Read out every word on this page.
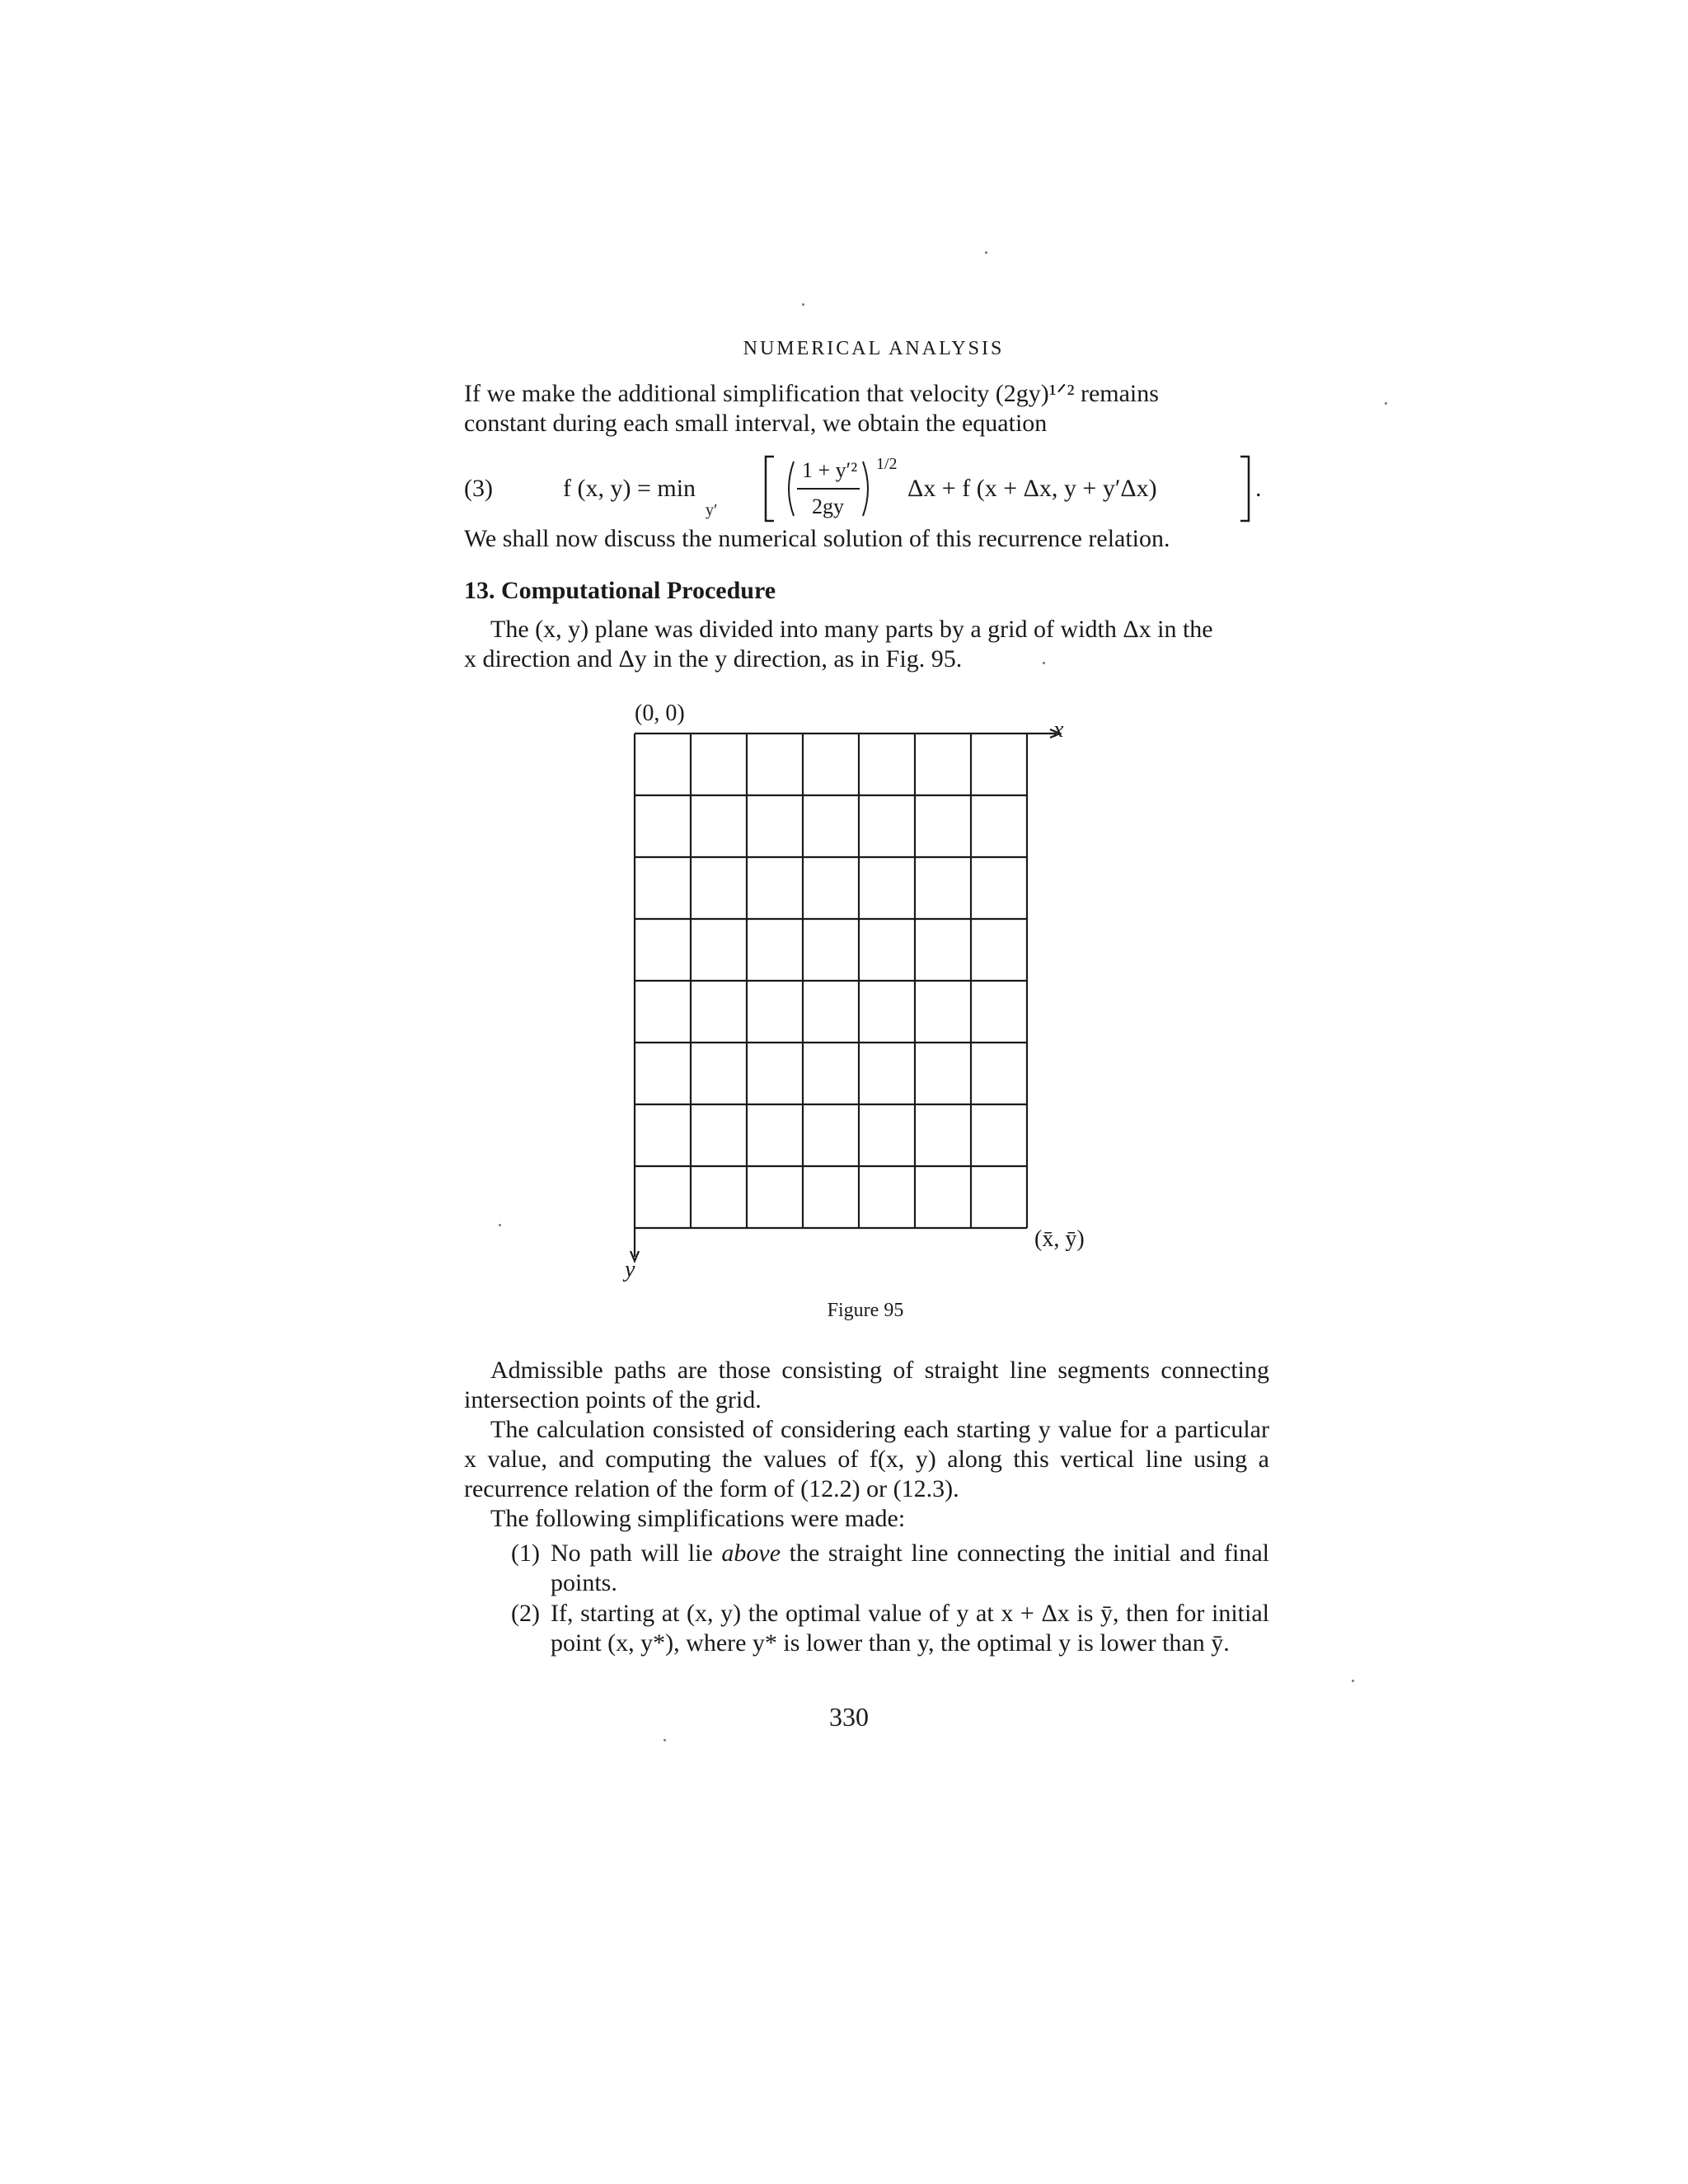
NUMERICAL ANALYSIS

If we make the additional simplification that velocity (2gy)¹ᐟ² remains

constant during each small interval, we obtain the equation

(3)	f (x, y) = min
y′
1 + y′²
2gy
1/2
Δx + f (x + Δx, y + y′Δx)	.
We shall now discuss the numerical solution of this recurrence relation.
13. Computational Procedure

The (x, y) plane was divided into many parts by a grid of width Δx in the

x direction and Δy in the y direction, as in Fig. 95.

(0, 0)
x
y
(x̄, ȳ)
Figure 95

Admissible paths are those consisting of straight line segments connecting intersection points of the grid.

The calculation consisted of considering each starting y value for a particular x value, and computing the values of f(x, y) along this vertical line using a recurrence relation of the form of (12.2) or (12.3).

The following simplifications were made:

(1) No path will lie above the straight line connecting the initial and final points.
(2) If, starting at (x, y) the optimal value of y at x + Δx is ȳ, then for initial point (x, y*), where y* is lower than y, the optimal y is lower than ȳ.
330
